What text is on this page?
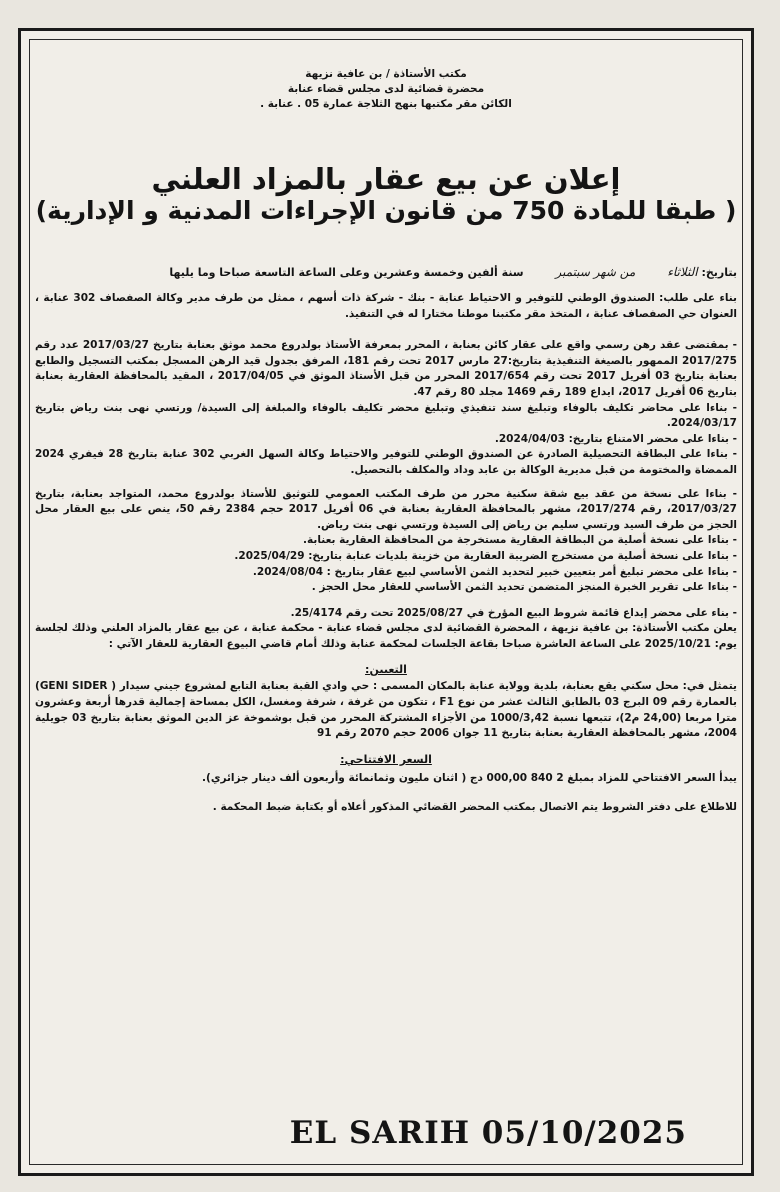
مكتب الأستاذة / بن عافية نزيهة
محضرة قضائية لدى مجلس قضاء عنابة
الكائن مقر مكتبها بنهج الثلاجة عمارة 05 . عنابة .
إعلان عن بيع عقار بالمزاد العلني
( طبقا للمادة 750 من قانون الإجراءات المدنية و الإدارية)
بتاريخ: الثلاثاء من شهر سبتمبر سنة ألفين وخمسة وعشرين وعلى الساعة التاسعة صباحا وما يليها

بناء على طلب: الصندوق الوطني للتوفير و الاحتياط عنابة - بنك - شركة ذات أسهم ، ممثل من طرف مدير وكالة الصفصاف 302 عنابة ، العنوان حي الصفصاف عنابة ، المتخذ مقر مكتبنا موطنا مختارا له في التنفيذ.

- بمقتضى عقد رهن رسمي واقع على عقار كائن بعنابة ، المحرر بمعرفة الأستاذ بولدروع محمد موثق بعنابة بتاريخ 2017/03/27 عدد رقم 2017/275 الممهور بالصيغة التنفيذية بتاريخ:27 مارس 2017 تحت رقم 181، المرفق بجدول قيد الرهن المسجل بمكتب التسجيل والطابع بعنابة بتاريخ 03 أفريل 2017 تحت رقم 2017/654 المحرر من قبل الأستاذ الموثق في 2017/04/05 ، المقيد بالمحافظة العقارية بعنابة بتاريخ 06 أفريل 2017، ايداع 189 رقم 1469 مجلد 80 رقم 47.

- بناءا على محاضر تكليف بالوفاء وتبليغ سند تنفيذي وتبليغ محضر تكليف بالوفاء والمبلغة إلى السيدة/ ورتسي نهى بنت رياض بتاريخ 2024/03/17.
- بناءا على محضر الامتناع بتاريخ: 2024/04/03.
- بناءا على البطاقة التحصيلية الصادرة عن الصندوق الوطني للتوفير والاحتياط وكالة السهل الغربي 302 عنابة بتاريخ 28 فيفري 2024 الممضاة والمختومة من قبل مديرية الوكالة بن عابد وداد والمكلف بالتحصيل.
- بناءا على نسخة من عقد بيع شقة سكنية محرر من طرف المكتب العمومي للتوثيق للأستاذ بولدروع محمد، المتواجد بعنابة، بتاريخ 2017/03/27، رقم 2017/274، مشهر بالمحافظة العقارية بعنابة في 06 أفريل 2017 حجم 2384 رقم 50، ينص على بيع العقار محل الحجز من طرف السيد ورتسي سليم بن رياض إلى السيدة ورتسي نهى بنت رياض.
- بناءا على نسخة أصلية من البطاقة العقارية مستخرجة من المحافظة العقارية بعنابة.
- بناءا على نسخة أصلية من مستخرج الضريبة العقارية من خزينة بلديات عنابة بتاريخ: 2025/04/29.
- بناءا على محضر تبليغ أمر بتعيين خبير لتحديد الثمن الأساسي لبيع عقار بتاريخ : 2024/08/04.
- بناءا على تقرير الخبرة المنجز المتضمن تحديد الثمن الأساسي للعقار محل الحجز .

- بناء على محضر إيداع قائمة شروط البيع المؤرخ في 2025/08/27 تحت رقم 25/4174.

يعلن مكتب الأستاذة: بن عافية نزيهة ، المحضرة القضائية لدى مجلس قضاء عنابة - محكمة عنابة ، عن بيع عقار بالمزاد العلني وذلك لجلسة يوم: 2025/10/21 على الساعة العاشرة صباحا بقاعة الجلسات لمحكمة عنابة وذلك أمام قاضي البيوع العقارية للعقار الآتي :

التعيين:

يتمثل في: محل سكني يقع بعنابة، بلدية وولاية عنابة بالمكان المسمى : حي وادي القبة بعنابة التابع لمشروع جيني سيدار ( GENI SIDER) بالعمارة رقم 09 البرج 03 بالطابق الثالث عشر من نوع F1 ، تتكون من غرفة ، شرفة ومغسل، الكل بمساحة إجمالية قدرها أربعة وعشرون مترا مربعا (24,00 م2)، تتبعها نسبة 1000/3,42 من الأجزاء المشتركة المحرر من قبل بوشموخة عز الدين الموثق بعنابة بتاريخ 03 جويلية 2004، مشهر بالمحافظة العقارية بعنابة بتاريخ 11 جوان 2006 حجم 2070 رقم 91

السعر الافتتاحي:

يبدأ السعر الافتتاحي للمزاد بمبلغ 2 840 000,00 دج ( اثنان مليون وثمانمائة وأربعون ألف دينار جزائري).

للاطلاع على دفتر الشروط يتم الاتصال بمكتب المحضر القضائي المذكور أعلاه أو بكتابة ضبط المحكمة .

EL SARIH 05/10/2025
